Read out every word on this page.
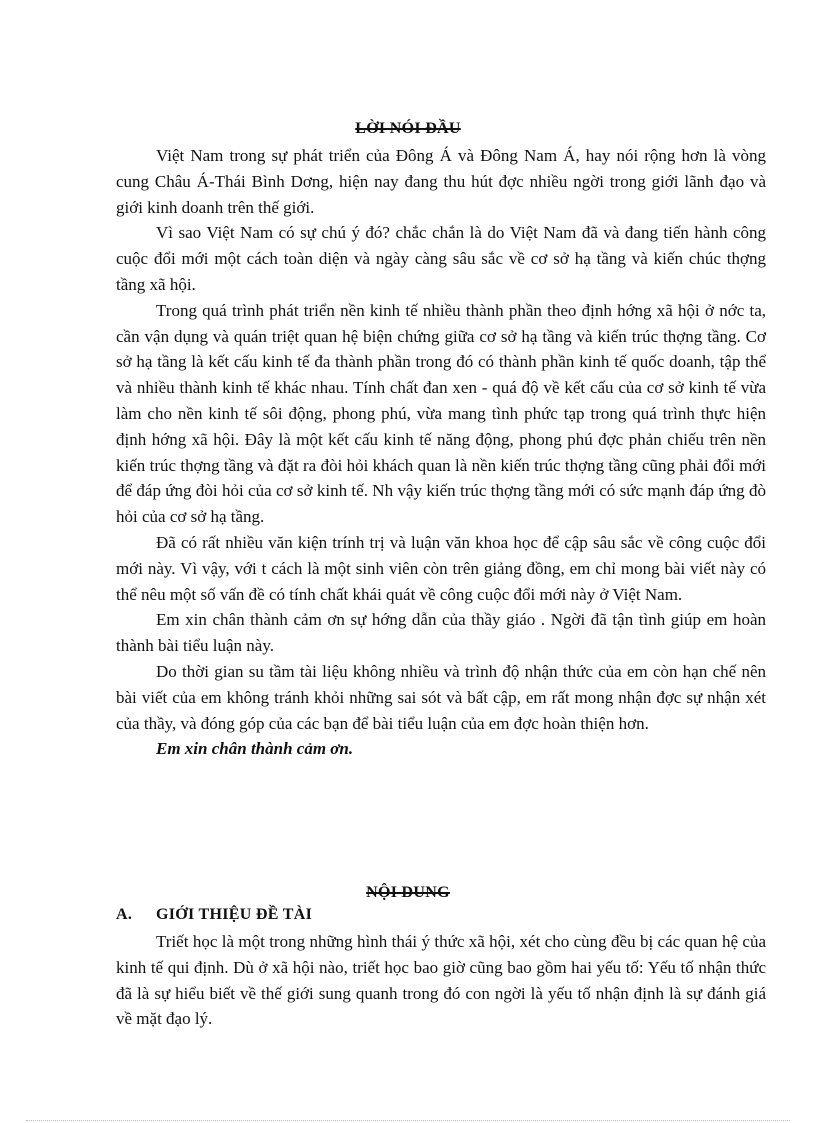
LỜI NÓI ĐẦU

Việt Nam trong sự phát triển của Đông Á và Đông Nam Á, hay nói rộng hơn là vòng cung Châu Á-Thái Bình Dơng, hiện nay đang thu hút đợc nhiều ngời trong giới lãnh đạo và giới kinh doanh trên thế giới.

Vì sao Việt Nam có sự chú ý đó? chắc chắn là do Việt Nam đã và đang tiến hành công cuộc đổi mới một cách toàn diện và ngày càng sâu sắc về cơ sở hạ tầng và kiến chúc thợng tầng xã hội.

Trong quá trình phát triển nền kinh tế nhiều thành phần theo định hớng xã hội ở nớc ta, cần vận dụng và quán triệt quan hệ biện chứng giữa cơ sở hạ tầng và kiến trúc thợng tầng. Cơ sở hạ tầng là kết cấu kinh tế đa thành phần trong đó có thành phần kinh tế quốc doanh, tập thể và nhiều thành kinh tế khác nhau. Tính chất đan xen - quá độ về kết cấu của cơ sở kinh tế vừa làm cho nền kinh tế sôi động, phong phú, vừa mang tình phức tạp trong quá trình thực hiện định hớng xã hội. Đây là một kết cấu kinh tế năng động, phong phú đợc phản chiếu trên nền kiến trúc thợng tầng và đặt ra đòi hỏi khách quan là nền kiến trúc thợng tầng cũng phải đổi mới để đáp ứng đòi hỏi của cơ sở kinh tế. Nh vậy kiến trúc thợng tầng mới có sức mạnh đáp ứng đò hỏi của cơ sở hạ tầng.

Đã có rất nhiều văn kiện trính trị và luận văn khoa học để cập sâu sắc về công cuộc đổi mới này. Vì vậy, với t cách là một sinh viên còn trên giảng đồng, em chỉ mong bài viết này có thể nêu một số vấn đề có tính chất khái quát về công cuộc đổi mới này ở Việt Nam.

Em xin chân thành cảm ơn sự hớng dẫn của thầy giáo . Ngời đã tận tình giúp em hoàn thành bài tiểu luận này.

Do thời gian su tầm tài liệu không nhiều và trình độ nhận thức của em còn hạn chế nên bài viết của em không tránh khỏi những sai sót và bất cập, em rất mong nhận đợc sự nhận xét của thầy, và đóng góp của các bạn để bài tiểu luận của em đợc hoàn thiện hơn.

Em xin chân thành cảm ơn.

NỘI DUNG
A. GIỚI THIỆU ĐỀ TÀI

Triết học là một trong những hình thái ý thức xã hội, xét cho cùng đều bị các quan hệ của kinh tế qui định. Dù ở xã hội nào, triết học bao giờ cũng bao gồm hai yếu tố: Yếu tố nhận thức đã là sự hiểu biết về thế giới sung quanh trong đó con ngời là yếu tố nhận định là sự đánh giá về mặt đạo lý.
